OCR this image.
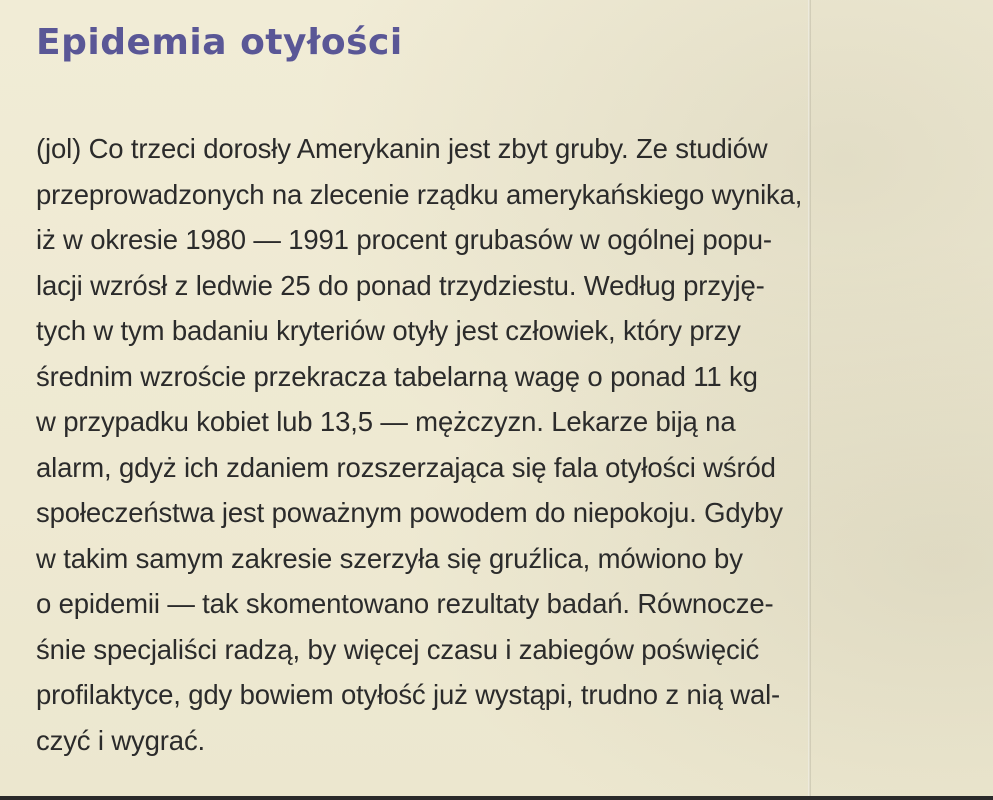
Epidemia otyłości
(jol) Co trzeci dorosły Amerykanin jest zbyt gruby. Ze studiów
przeprowadzonych na zlecenie rządku amerykańskiego wynika,
iż w okresie 1980 — 1991 procent grubasów w ogólnej popu-
lacji wzrósł z ledwie 25 do ponad trzydziestu. Według przyję-
tych w tym badaniu kryteriów otyły jest człowiek, który przy
średnim wzroście przekracza tabelarną wagę o ponad 11 kg
w przypadku kobiet lub 13,5 — mężczyzn. Lekarze biją na
alarm, gdyż ich zdaniem rozszerzająca się fala otyłości wśród
społeczeństwa jest poważnym powodem do niepokoju. Gdyby
w takim samym zakresie szerzyła się gruźlica, mówiono by
o epidemii — tak skomentowano rezultaty badań. Równocze-
śnie specjaliści radzą, by więcej czasu i zabiegów poświęcić
profilaktyce, gdy bowiem otyłość już wystąpi, trudno z nią wal-
czyć i wygrać.
